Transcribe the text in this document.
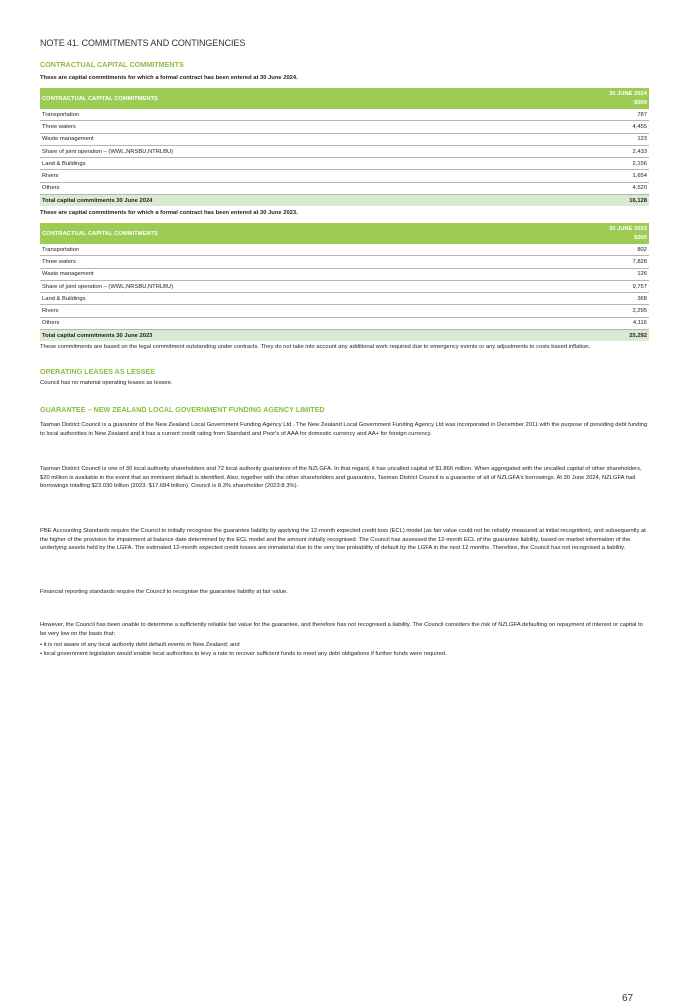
NOTE 41. COMMITMENTS AND CONTINGENCIES
CONTRACTUAL CAPITAL COMMITMENTS
These are capital commitments for which a formal contract has been entered at 30 June 2024.
CONTRACTUAL CAPITAL COMMITMENTS	30 JUNE 2024
$000
Transportation	787
Three waters	4,455
Waste management	123
Share of joint operation – (WWL,NRSBU,NTRLBU)	2,433
Land & Buildings	2,156
Rivers	1,654
Others	4,520
Total capital commitments 30 June 2024	16,128
These are capital commitments for which a formal contract has been entered at 30 June 2023.
CONTRACTUAL CAPITAL COMMITMENTS	30 JUNE 2023
$000
Transportation	802
Three waters	7,828
Waste management	126
Share of joint operation – (WWL,NRSBU,NTRLBU)	9,757
Land & Buildings	368
Rivers	2,295
Others	4,116
Total capital commitments 30 June 2023	25,292
These commitments are based on the legal commitment outstanding under contracts. They do not take into account any additional work required due to emergency events or any adjustments to costs based inflation.
OPERATING LEASES AS LESSEE
Council has no material operating leases as lessee.
GUARANTEE – NEW ZEALAND LOCAL GOVERNMENT FUNDING AGENCY LIMITED
Tasman District Council is a guarantor of the New Zealand Local Government Funding Agency Ltd . The New Zealand Local Government Funding Agency Ltd was incorporated in December 2011 with the purpose of providing debt funding to local authorities in New Zealand and it has a current credit rating from Standard and Poor's of AAA for domestic currency and AA+ for foreign currency.
Tasman District Council is one of 30 local authority shareholders and 72 local authority guarantors of the NZLGFA. In that regard, it has uncalled capital of $1.866 million. When aggregated with the uncalled capital of other shareholders, $20 million is available in the event that an imminent default is identified. Also, together with the other shareholders and guarantors, Tasman District Council is a guarantor of all of NZLGFA's borrowings. At 30 June 2024, NZLGFA had borrowings totalling $23.030 billion (2023: $17.684 billion). Council is 8.3% shareholder (2023:8.3%).
PBE Accounting Standards require the Council to initially recognise the guarantee liability by applying the 12-month expected credit loss (ECL) model (as fair value could not be reliably measured at initial recognition), and subsequently at the higher of the provision for impairment at balance date determined by the ECL model and the amount initially recognised. The Council has assessed the 12-month ECL of the guarantee liability, based on market information of the underlying assets held by the LGFA. The estimated 12-month expected credit losses are immaterial due to the very low probability of default by the LGFA in the next 12 months. Therefore, the Council has not recognised a liability.
Financial reporting standards require the Council to recognise the guarantee liability at fair value.
However, the Council has been unable to determine a sufficiently reliable fair value for the guarantee, and therefore has not recognised a liability. The Council considers the risk of NZLGFA defaulting on repayment of interest or capital to be very low on the basis that:
• it is not aware of any local authority debt default events in New Zealand; and
• local government legislation would enable local authorities to levy a rate to recover sufficient funds to meet any debt obligations if further funds were required.
67
